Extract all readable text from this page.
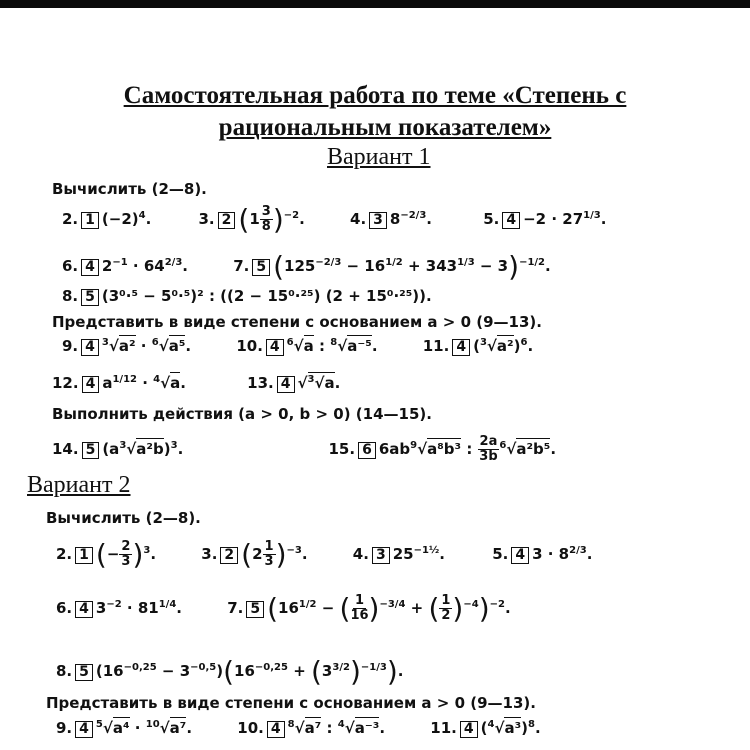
Самостоятельная работа по теме «Степень с
рациональным показателем»
Вариант 1
Вычислить (2—8).
2. 1 $(-2)^4$.	3. 2 $(1 \frac{3}{8} )^{-2}$.	4. 3 $8^{-2/3}$.	5. $4 -2 \cdot 27^{1/3}$.
6. 4 $2^{-1} \cdot 64^{2/3}$.	7. 5 $(125^{-2/3} - 16^{1/2} + 343^{1/3} - 3)^{-1/2}$.
8. 5 (3⁰·⁵ − 5⁰·⁵)² : ((2 − 15⁰·²⁵) (2 + 15⁰·²⁵)).
Представить в виде степени с основанием a > 0 (9—13).
9. 4 $^3$√a² · $^6$√a⁵.	10. 4 $^6$√a : $^8$√a⁻⁵.	11. 4 $(^3√a^2)^6$.
12. 4 $a^{1/12} \cdot ^4√a$.	13. 4 √$^3$√a.
Выполнить действия (a > 0, b > 0) (14—15).
14. 5 $(a^3√a^2b)^3$.	15. 6 $6ab^9√a^8b^3$ : $\frac{2a}{3b} ^6√a^2b^5$.
Вариант 2
Вычислить (2—8).
2. 1 (− $\frac{2}{3} )^3$.	3. 2 $(2 \frac{1}{3} )^{-3}$.	4. 3 $25^{-1\frac{1}{2}}$.	5. 4 $3 \cdot 8^{2/3}$.
6. 4 $3^{-2} \cdot 81^{1/4}$.	7. 5 ($16^{1/2}$ − ( $\frac{1}{16} )^{-3/4}$ + ( $\frac{1}{2} )^{-4})^{-2}$.
8. 5 $(16^{-0,25} - 3^{-0,5})(16^{-0,25} + (3^{3/2})^{-1/3})$.
Представить в виде степени с основанием a > 0 (9—13).
9. 4 $^5$√a⁴ · $^{10}$√a⁷.	10. 4 $^8$√a⁷ : $^4$√a⁻³.	11. 4 $(^4√a^3)^8$.
